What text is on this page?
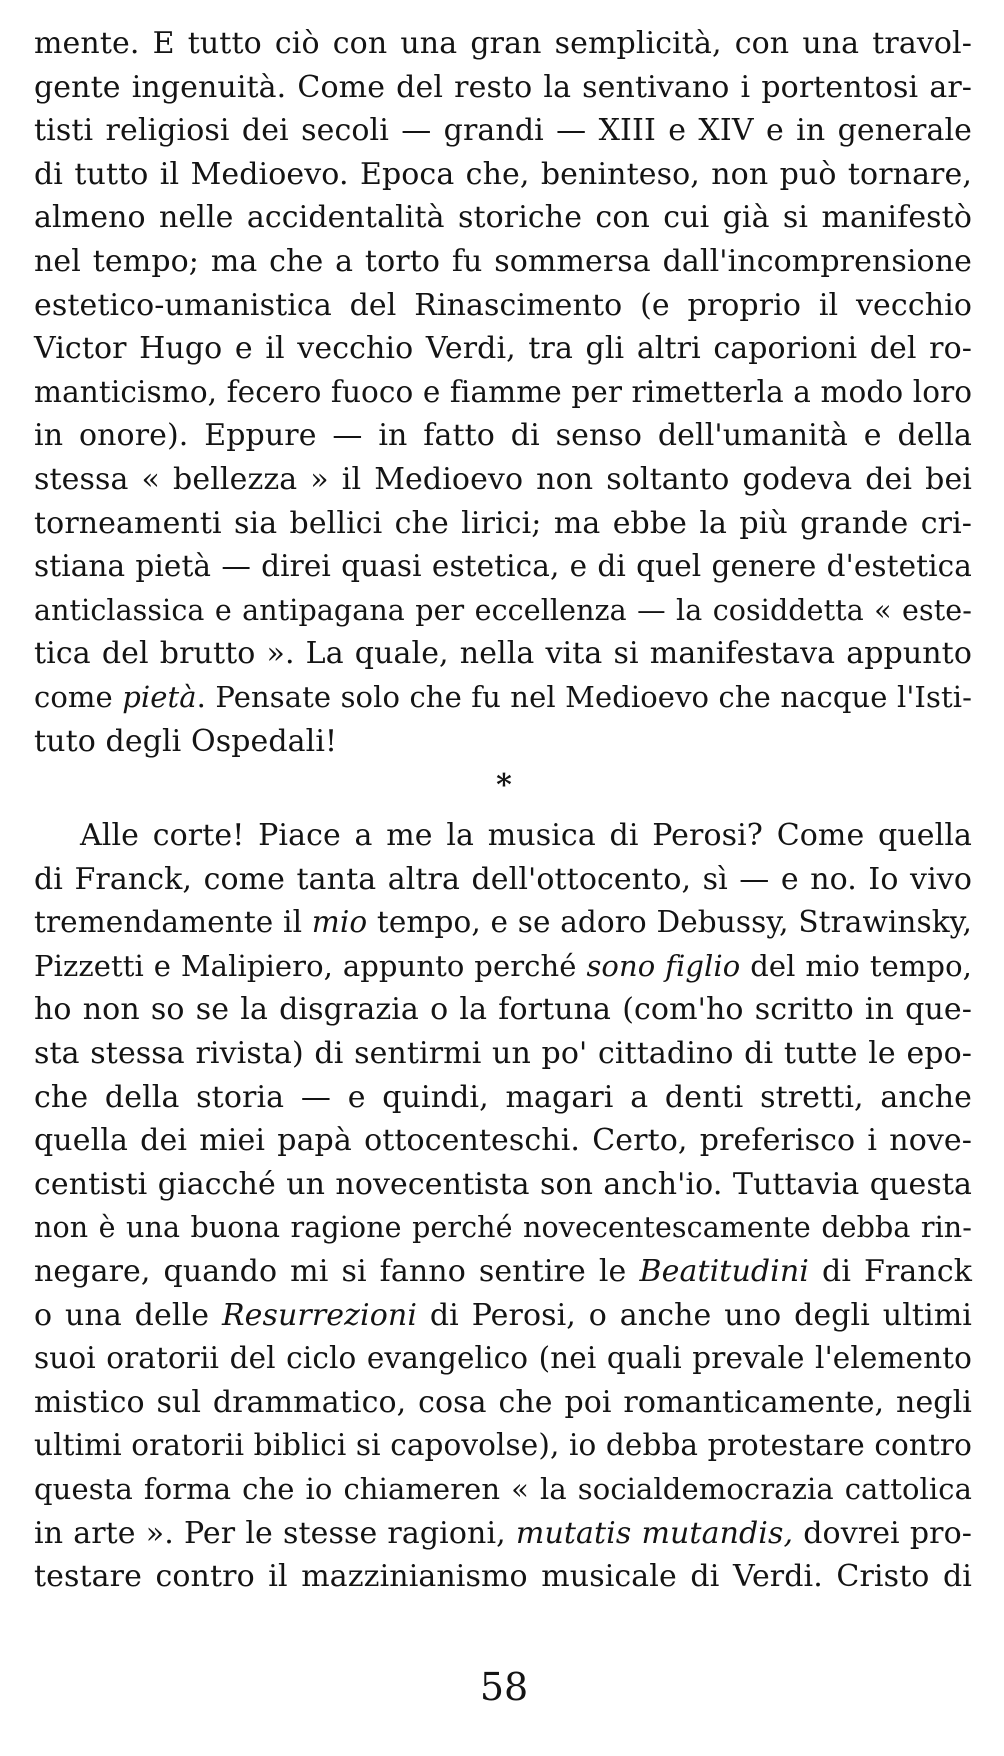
mente. E tutto ciò con una gran semplicità, con una travol-
gente ingenuità. Come del resto la sentivano i portentosi ar-
tisti religiosi dei secoli — grandi — XIII e XIV e in generale
di tutto il Medioevo. Epoca che, beninteso, non può tornare,
almeno nelle accidentalità storiche con cui già si manifestò
nel tempo; ma che a torto fu sommersa dall'incomprensione
estetico-umanistica del Rinascimento (e proprio il vecchio
Victor Hugo e il vecchio Verdi, tra gli altri caporioni del ro-
manticismo, fecero fuoco e fiamme per rimetterla a modo loro
in onore). Eppure — in fatto di senso dell'umanità e della
stessa « bellezza » il Medioevo non soltanto godeva dei bei
torneamenti sia bellici che lirici; ma ebbe la più grande cri-
stiana pietà — direi quasi estetica, e di quel genere d'estetica
anticlassica e antipagana per eccellenza — la cosiddetta « este-
tica del brutto ». La quale, nella vita si manifestava appunto
come pietà. Pensate solo che fu nel Medioevo che nacque l'Isti-
tuto degli Ospedali!
*
Alle corte! Piace a me la musica di Perosi? Come quella
di Franck, come tanta altra dell'ottocento, sì — e no. Io vivo
tremendamente il mio tempo, e se adoro Debussy, Strawinsky,
Pizzetti e Malipiero, appunto perché sono figlio del mio tempo,
ho non so se la disgrazia o la fortuna (com'ho scritto in que-
sta stessa rivista) di sentirmi un po' cittadino di tutte le epo-
che della storia — e quindi, magari a denti stretti, anche
quella dei miei papà ottocenteschi. Certo, preferisco i nove-
centisti giacché un novecentista son anch'io. Tuttavia questa
non è una buona ragione perché novecentescamente debba rin-
negare, quando mi si fanno sentire le Beatitudini di Franck
o una delle Resurrezioni di Perosi, o anche uno degli ultimi
suoi oratorii del ciclo evangelico (nei quali prevale l'elemento
mistico sul drammatico, cosa che poi romanticamente, negli
ultimi oratorii biblici si capovolse), io debba protestare contro
questa forma che io chiameren « la socialdemocrazia cattolica
in arte ». Per le stesse ragioni, mutatis mutandis, dovrei pro-
testare contro il mazzinianismo musicale di Verdi. Cristo di
58
